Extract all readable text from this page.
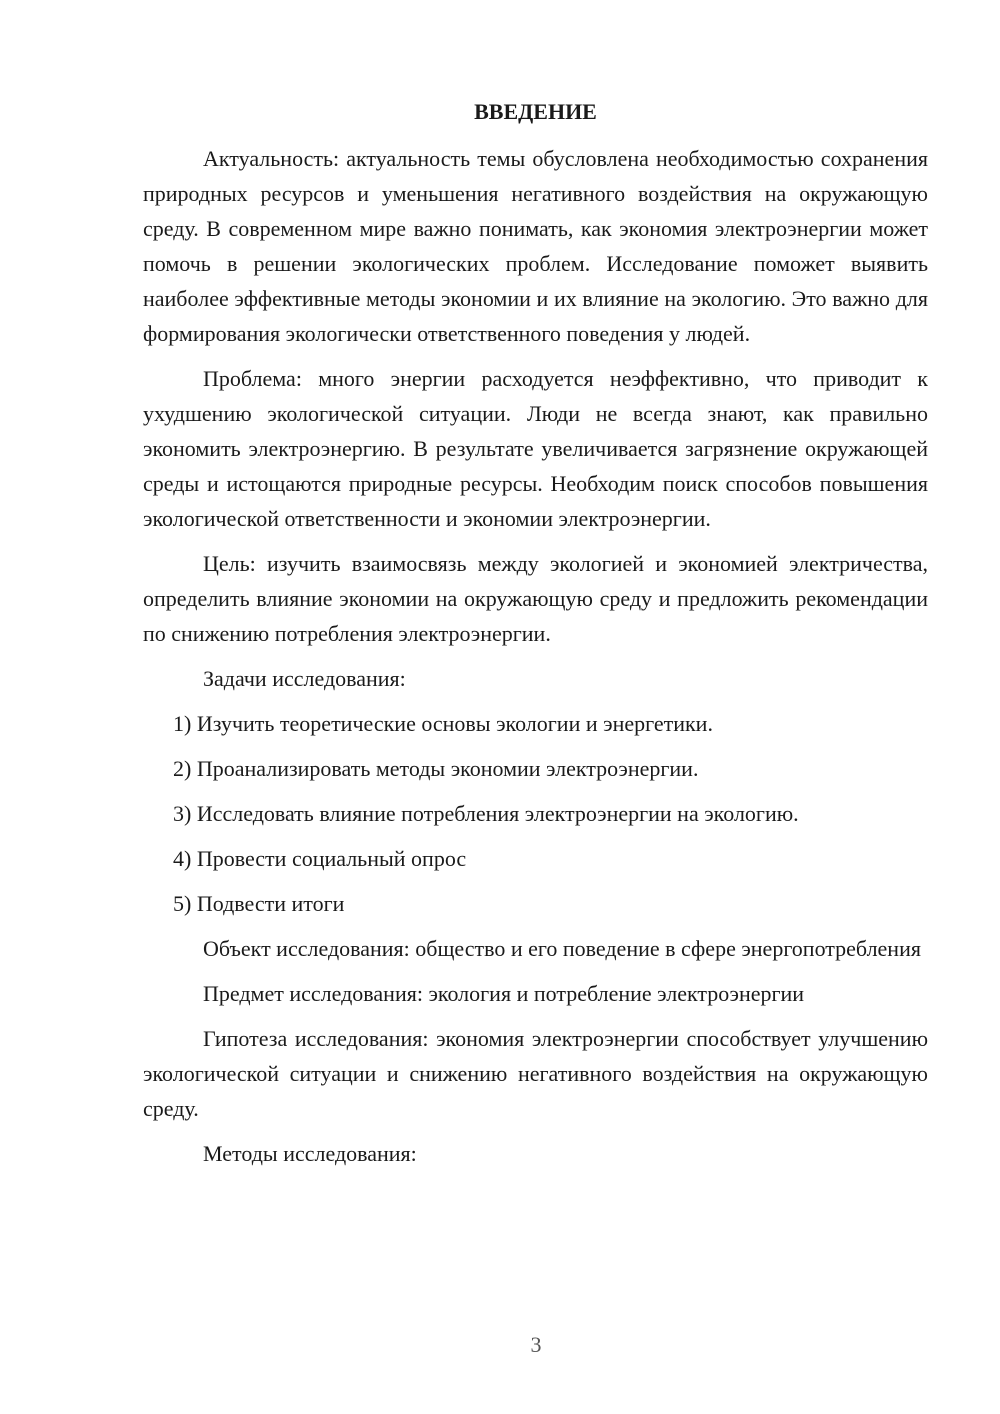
ВВЕДЕНИЕ

Актуальность: актуальность темы обусловлена необходимостью сохранения природных ресурсов и уменьшения негативного воздействия на окружающую среду. В современном мире важно понимать, как экономия электроэнергии может помочь в решении экологических проблем. Исследование поможет выявить наиболее эффективные методы экономии и их влияние на экологию. Это важно для формирования экологически ответственного поведения у людей.

Проблема: много энергии расходуется неэффективно, что приводит к ухудшению экологической ситуации. Люди не всегда знают, как правильно экономить электроэнергию. В результате увеличивается загрязнение окружающей среды и истощаются природные ресурсы. Необходим поиск способов повышения экологической ответственности и экономии электроэнергии.

Цель: изучить взаимосвязь между экологией и экономией электричества, определить влияние экономии на окружающую среду и предложить рекомендации по снижению потребления электроэнергии.

Задачи исследования:

1) Изучить теоретические основы экологии и энергетики.

2) Проанализировать методы экономии электроэнергии.

3) Исследовать влияние потребления электроэнергии на экологию.

4) Провести социальный опрос

5) Подвести итоги

Объект исследования: общество и его поведение в сфере энергопотребления

Предмет исследования: экология и потребление электроэнергии

Гипотеза исследования: экономия электроэнергии способствует улучшению экологической ситуации и снижению негативного воздействия на окружающую среду.

Методы исследования:

3
